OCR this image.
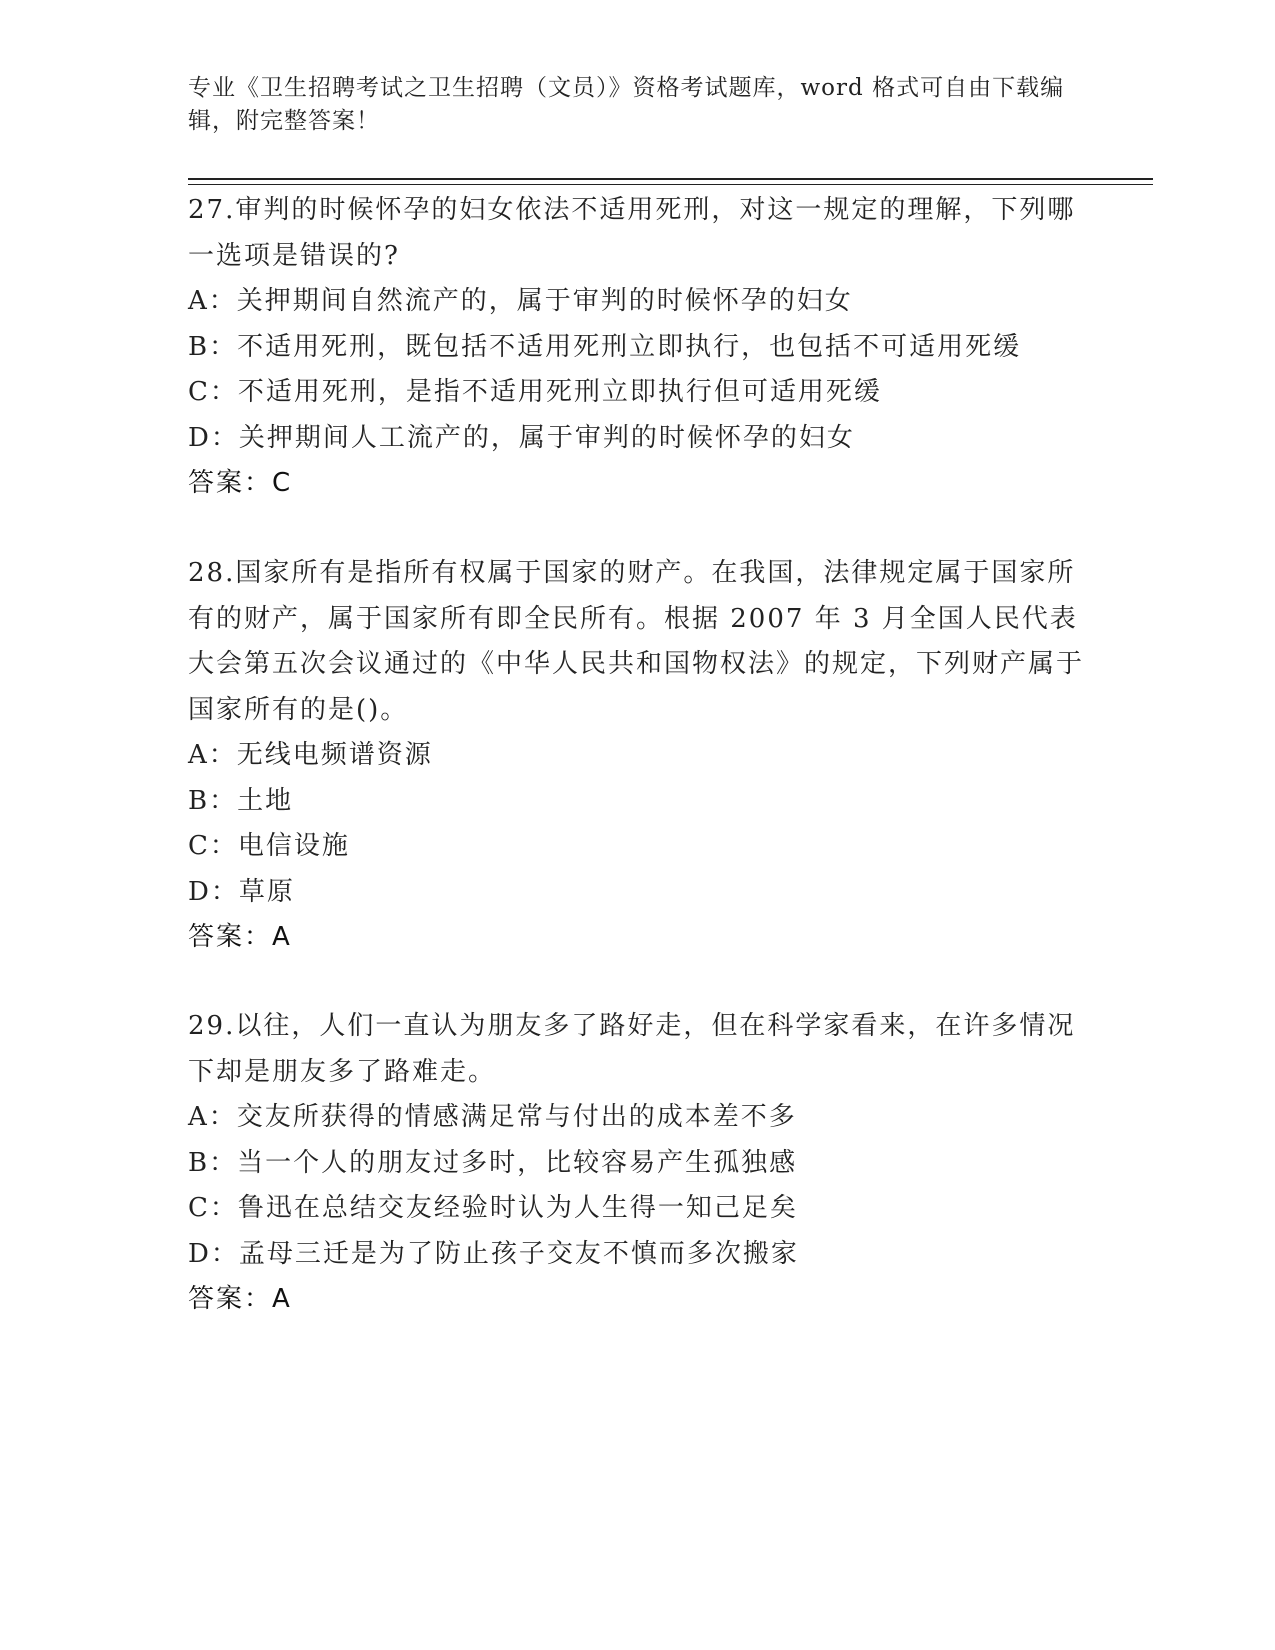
专业《卫生招聘考试之卫生招聘（文员）》资格考试题库，word 格式可自由下载编辑，附完整答案！
27.审判的时候怀孕的妇女依法不适用死刑，对这一规定的理解，下列哪一选项是错误的?
A：关押期间自然流产的，属于审判的时候怀孕的妇女
B：不适用死刑，既包括不适用死刑立即执行，也包括不可适用死缓
C：不适用死刑，是指不适用死刑立即执行但可适用死缓
D：关押期间人工流产的，属于审判的时候怀孕的妇女
答案：C
28.国家所有是指所有权属于国家的财产。在我国，法律规定属于国家所有的财产，属于国家所有即全民所有。根据 2007 年 3 月全国人民代表大会第五次会议通过的《中华人民共和国物权法》的规定，下列财产属于国家所有的是()。
A：无线电频谱资源
B：土地
C：电信设施
D：草原
答案：A
29.以往，人们一直认为朋友多了路好走，但在科学家看来，在许多情况下却是朋友多了路难走。
A：交友所获得的情感满足常与付出的成本差不多
B：当一个人的朋友过多时，比较容易产生孤独感
C：鲁迅在总结交友经验时认为人生得一知己足矣
D：孟母三迁是为了防止孩子交友不慎而多次搬家
答案：A
